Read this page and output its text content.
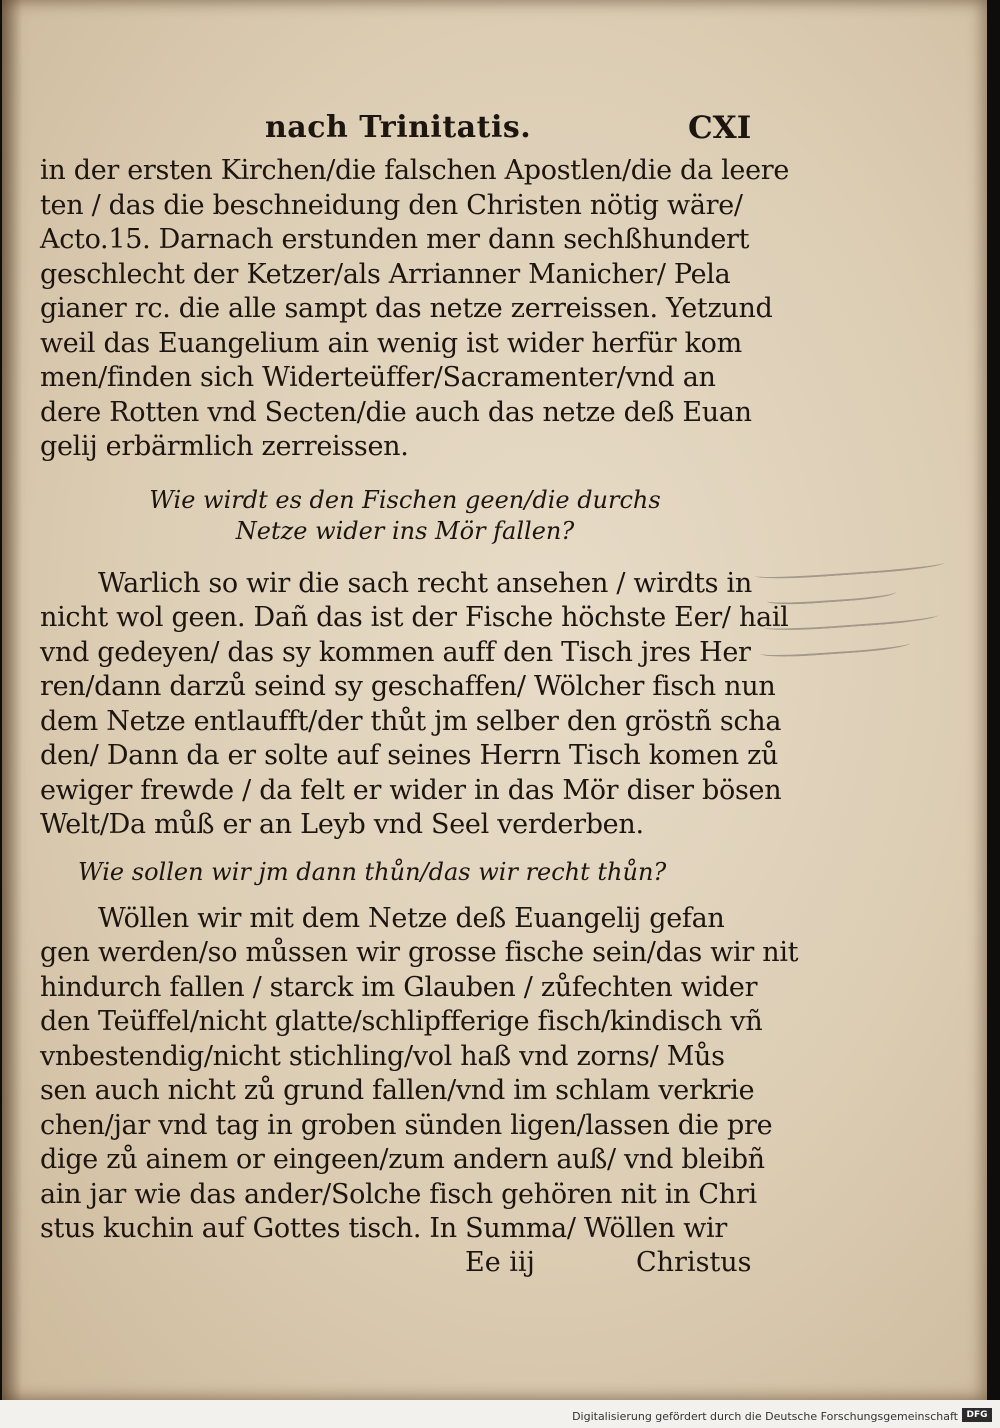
nach Trinitatis.	CXI
in der ersten Kirchen/die falschen Apostlen/die da leere
ten / das die beschneidung den Christen nötig wäre/
Acto.15. Darnach erstunden mer dann sechßhundert
geschlecht der Ketzer/als Arrianner Manicher/ Pela
gianer rc. die alle sampt das netze zerreissen. Yetzund
weil das Euangelium ain wenig ist wider herfür kom
men/finden sich Widerteüffer/Sacramenter/vnd an
dere Rotten vnd Secten/die auch das netze deß Euan
gelij erbärmlich zerreissen.
Wie wirdt es den Fischen geen/die durchs
Netze wider ins Mör fallen?
Warlich so wir die sach recht ansehen / wirdts in
nicht wol geen. Dañ das ist der Fische höchste Eer/ hail
vnd gedeyen/ das sy kommen auff den Tisch jres Her
ren/dann darzů seind sy geschaffen/ Wölcher fisch nun
dem Netze entlaufft/der thůt jm selber den gröstñ scha
den/ Dann da er solte auf seines Herrn Tisch komen zů
ewiger frewde / da felt er wider in das Mör diser bösen
Welt/Da můß er an Leyb vnd Seel verderben.
Wie sollen wir jm dann thůn/das wir recht thůn?
Wöllen wir mit dem Netze deß Euangelij gefan
gen werden/so můssen wir grosse fische sein/das wir nit
hindurch fallen / starck im Glauben / zůfechten wider
den Teüffel/nicht glatte/schlipfferige fisch/kindisch vñ
vnbestendig/nicht stichling/vol haß vnd zorns/ Můs
sen auch nicht zů grund fallen/vnd im schlam verkrie
chen/jar vnd tag in groben sünden ligen/lassen die pre
dige zů ainem or eingeen/zum andern auß/ vnd bleibñ
ain jar wie das ander/Solche fisch gehören nit in Chri
stus kuchin auf Gottes tisch. In Summa/ Wöllen wir
Ee iij	Christus
Digitalisierung gefördert durch die Deutsche Forschungsgemeinschaft DFG
